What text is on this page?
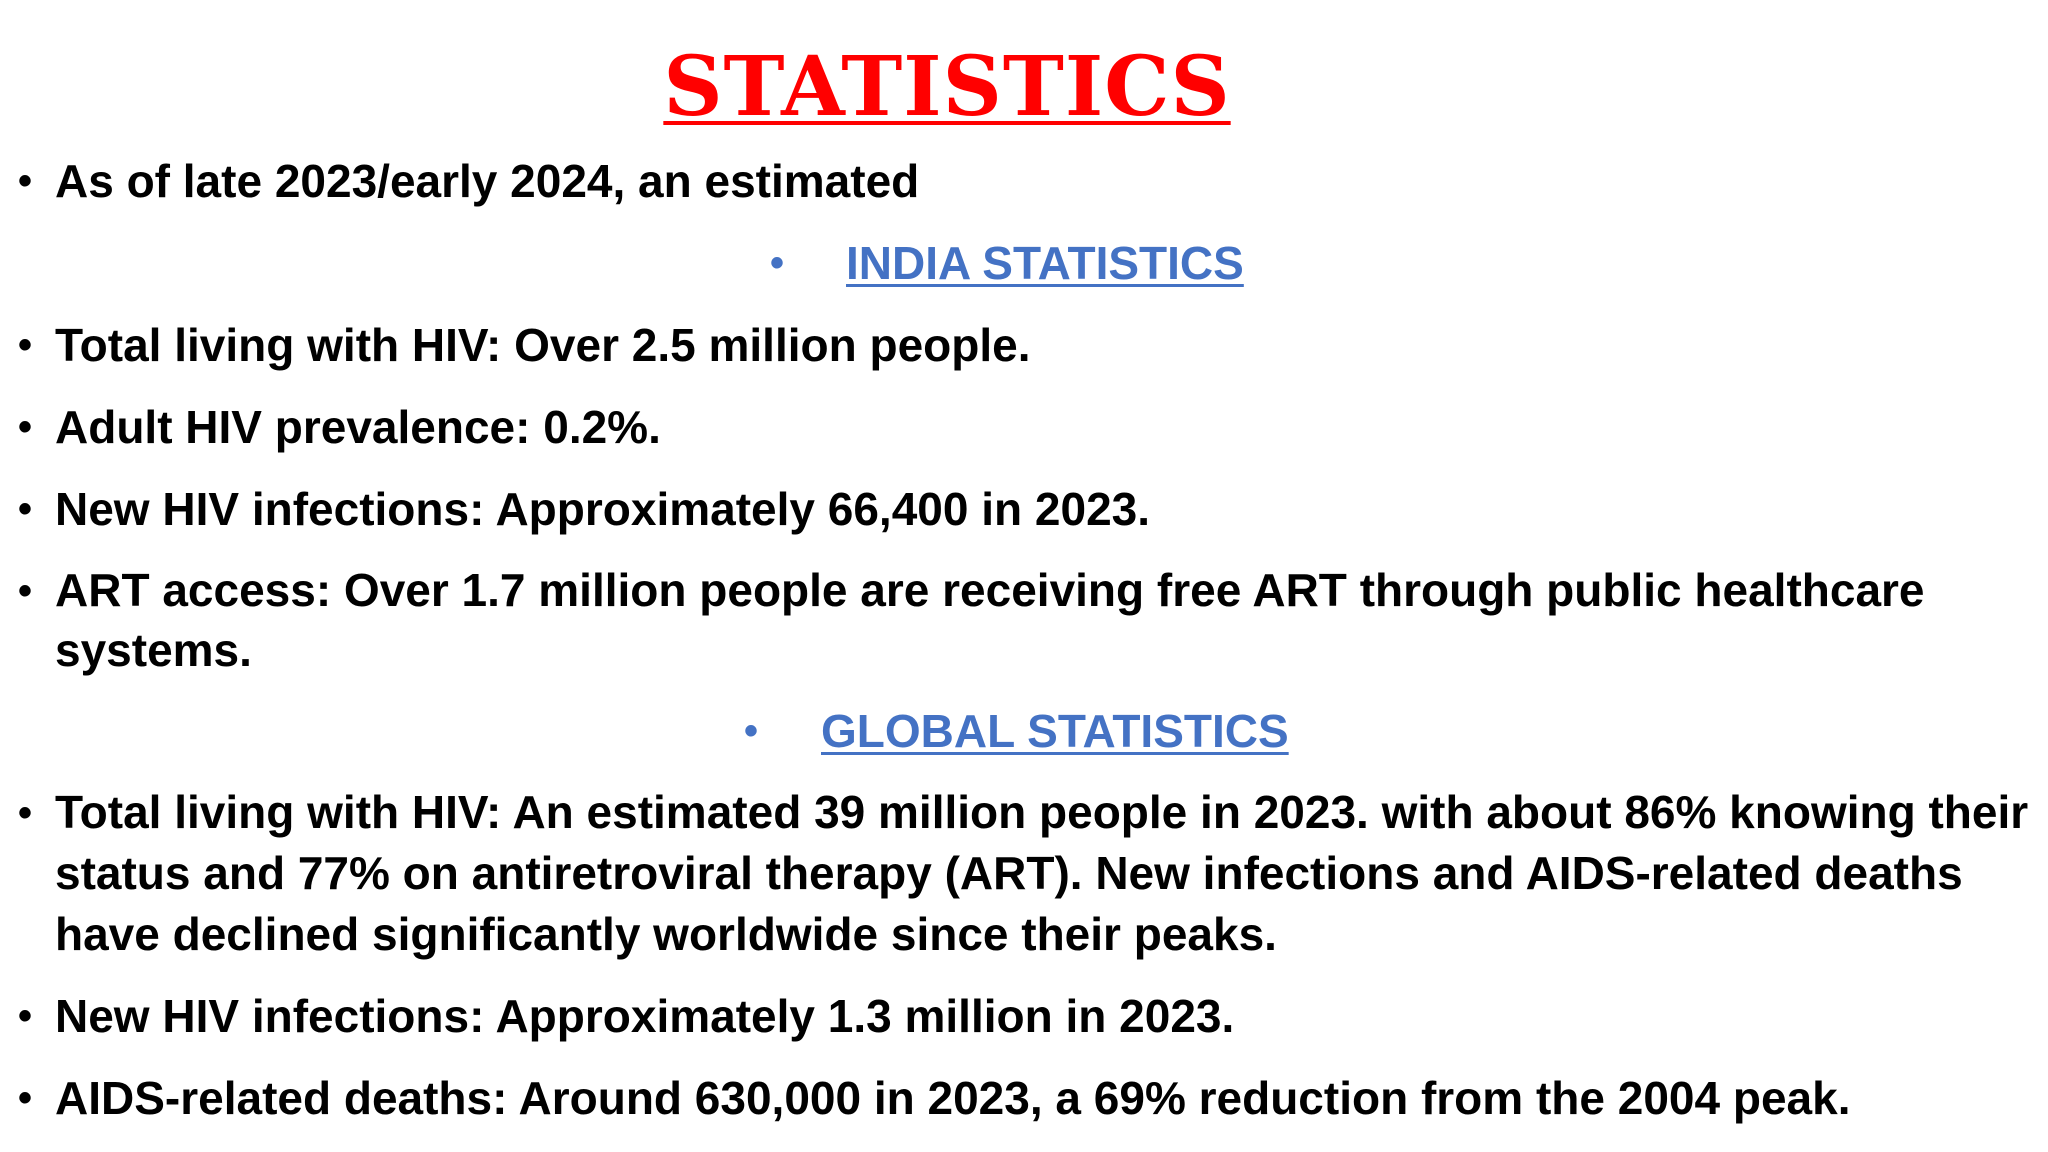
STATISTICS
• As of late 2023/early 2024, an estimated
• INDIA STATISTICS
• Total living with HIV: Over 2.5 million people.
• Adult HIV prevalence: 0.2%.
• New HIV infections: Approximately 66,400 in 2023.
• ART access: Over 1.7 million people are receiving free ART through public healthcare systems.
• GLOBAL STATISTICS
• Total living with HIV: An estimated 39 million people in 2023. with about 86% knowing their status and 77% on antiretroviral therapy (ART). New infections and AIDS-related deaths have declined significantly worldwide since their peaks.
• New HIV infections: Approximately 1.3 million in 2023.
• AIDS-related deaths: Around 630,000 in 2023, a 69% reduction from the 2004 peak.
